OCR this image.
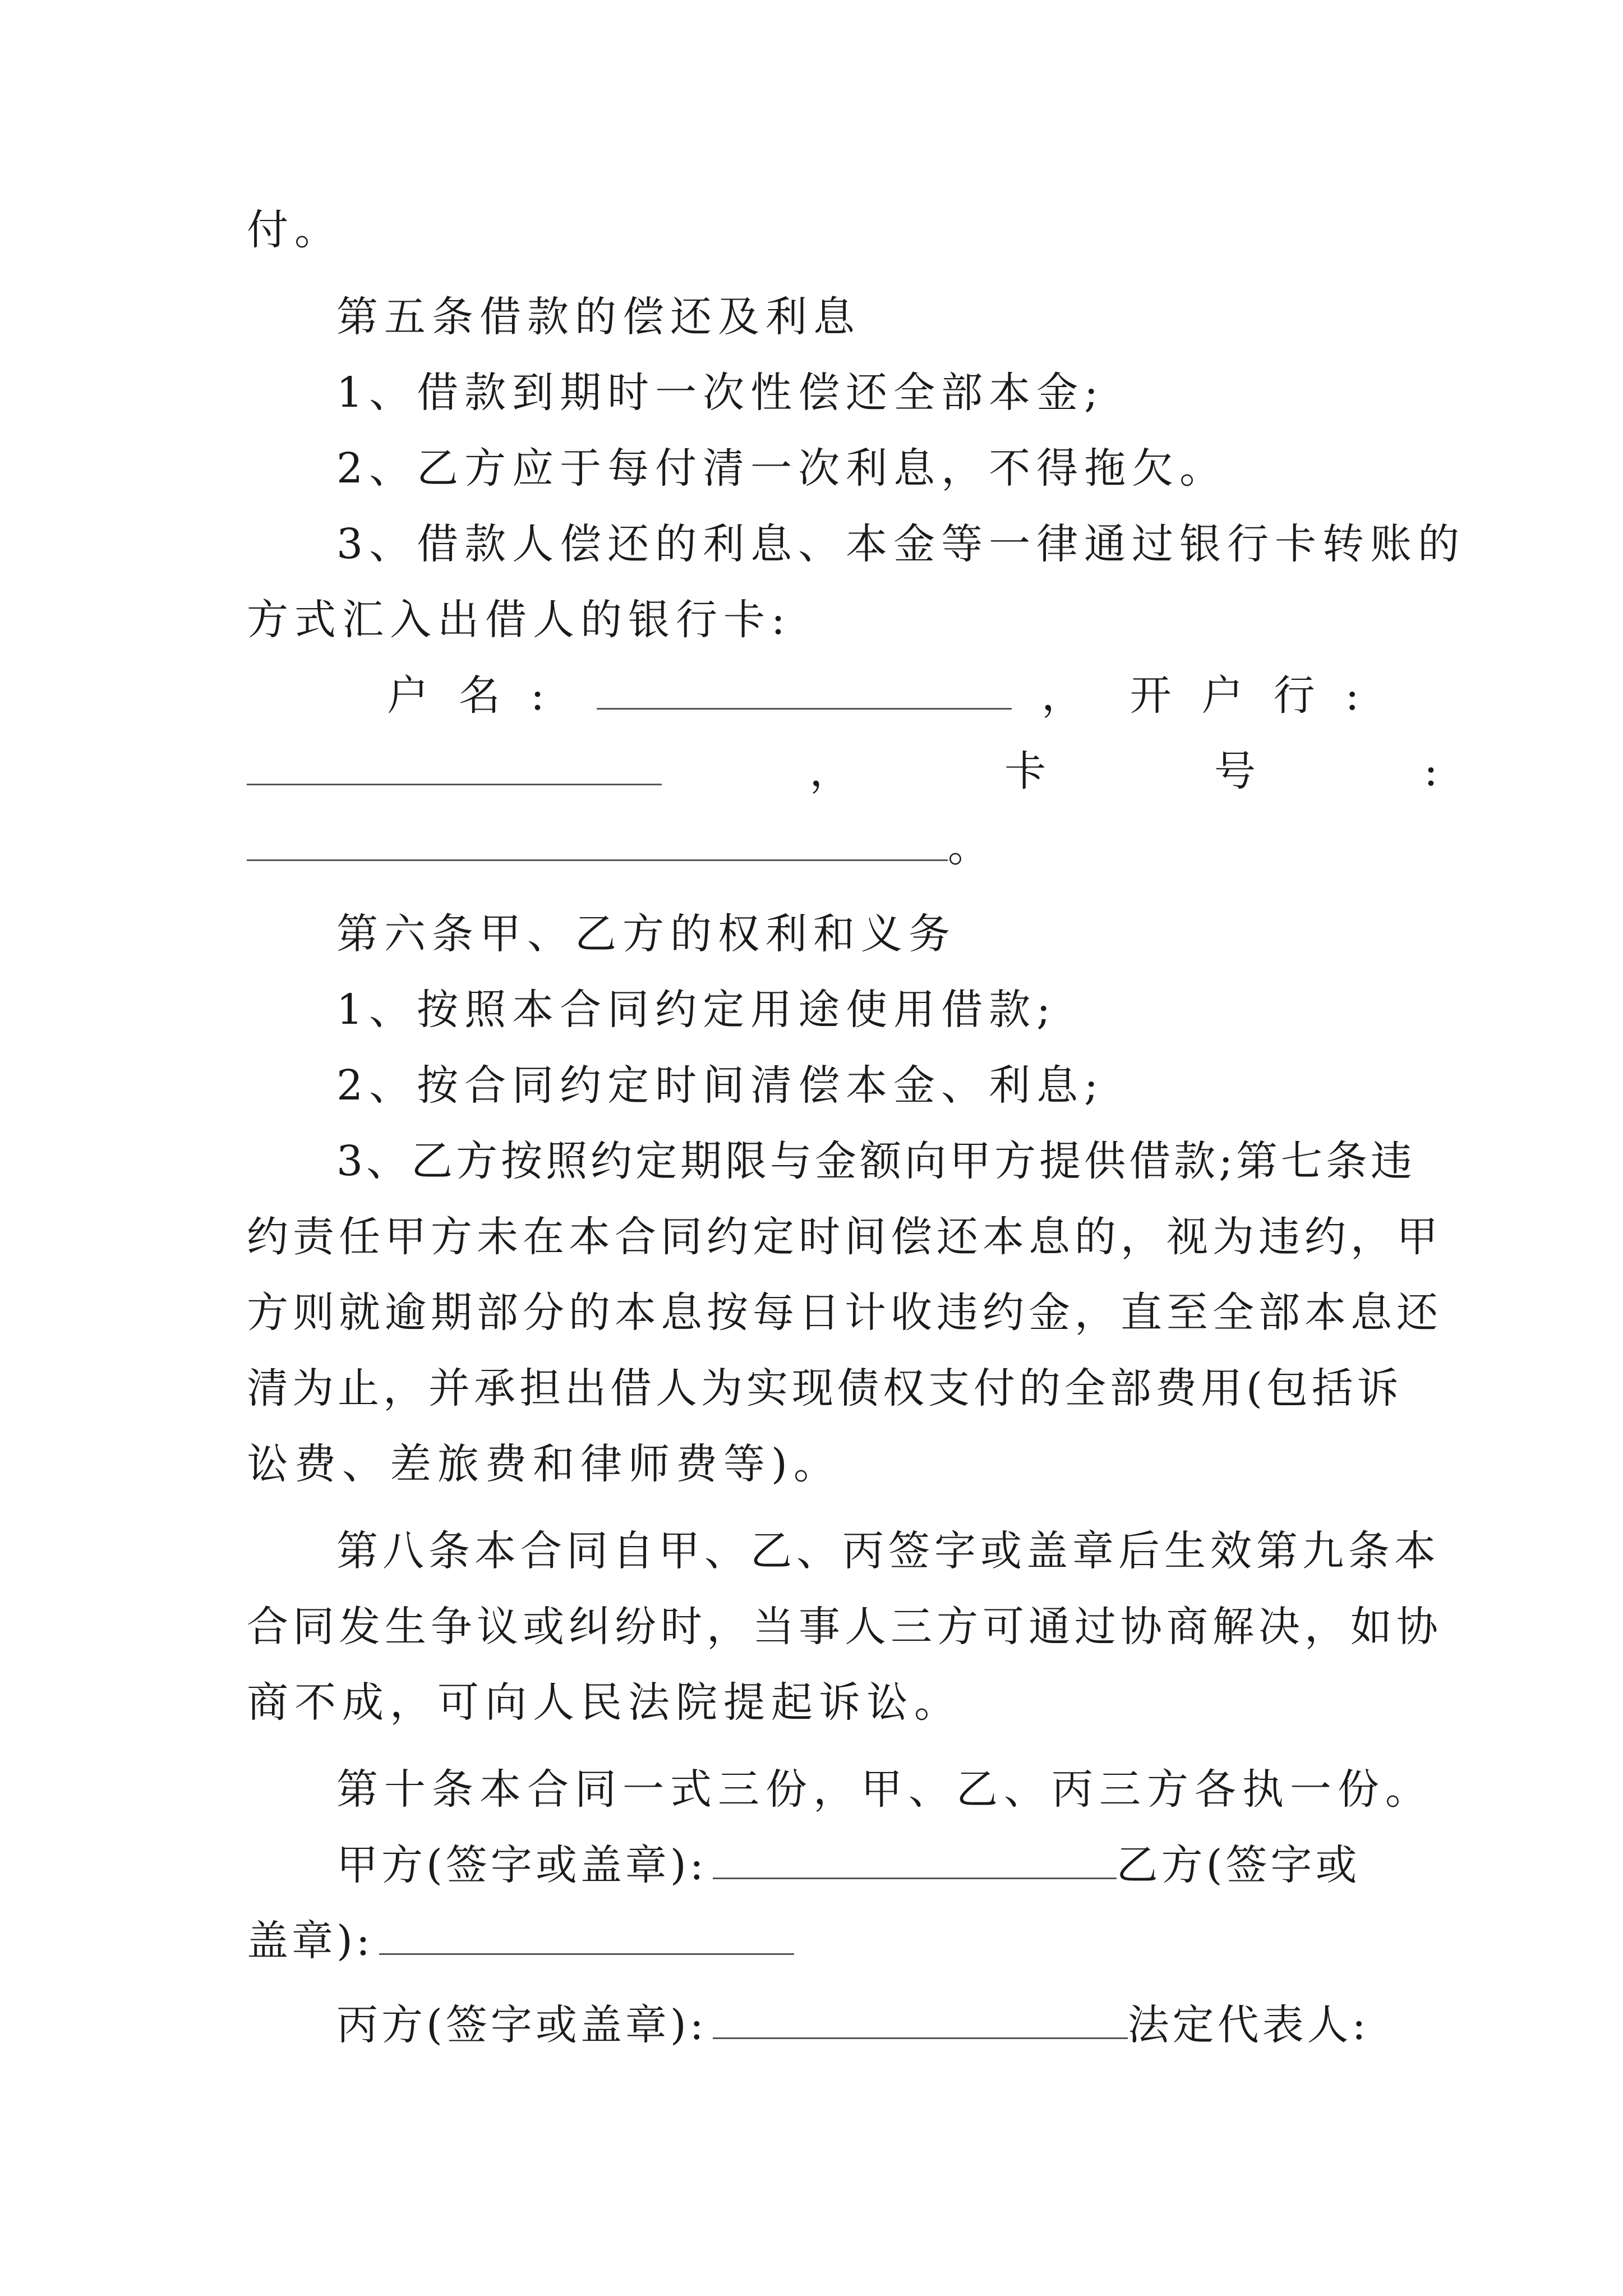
付。
第五条借款的偿还及利息
1、借款到期时一次性偿还全部本金;
2、乙方应于每付清一次利息，不得拖欠。
3、借款人偿还的利息、本金等一律通过银行卡转账的
方式汇入出借人的银行卡:
户名:	， 开户行:
，	卡号:
。
第六条甲、乙方的权利和义务
1、按照本合同约定用途使用借款;
2、按合同约定时间清偿本金、利息;
3、乙方按照约定期限与金额向甲方提供借款;第七条违
约责任甲方未在本合同约定时间偿还本息的，视为违约，甲
方则就逾期部分的本息按每日计收违约金，直至全部本息还
清为止，并承担出借人为实现债权支付的全部费用(包括诉
讼费、差旅费和律师费等)。
第八条本合同自甲、乙、丙签字或盖章后生效第九条本
合同发生争议或纠纷时，当事人三方可通过协商解决，如协
商不成，可向人民法院提起诉讼。
第十条本合同一式三份，甲、乙、丙三方各执一份。
甲方(签字或盖章):	乙方(签字或
盖章):
丙方(签字或盖章):	法定代表人:
